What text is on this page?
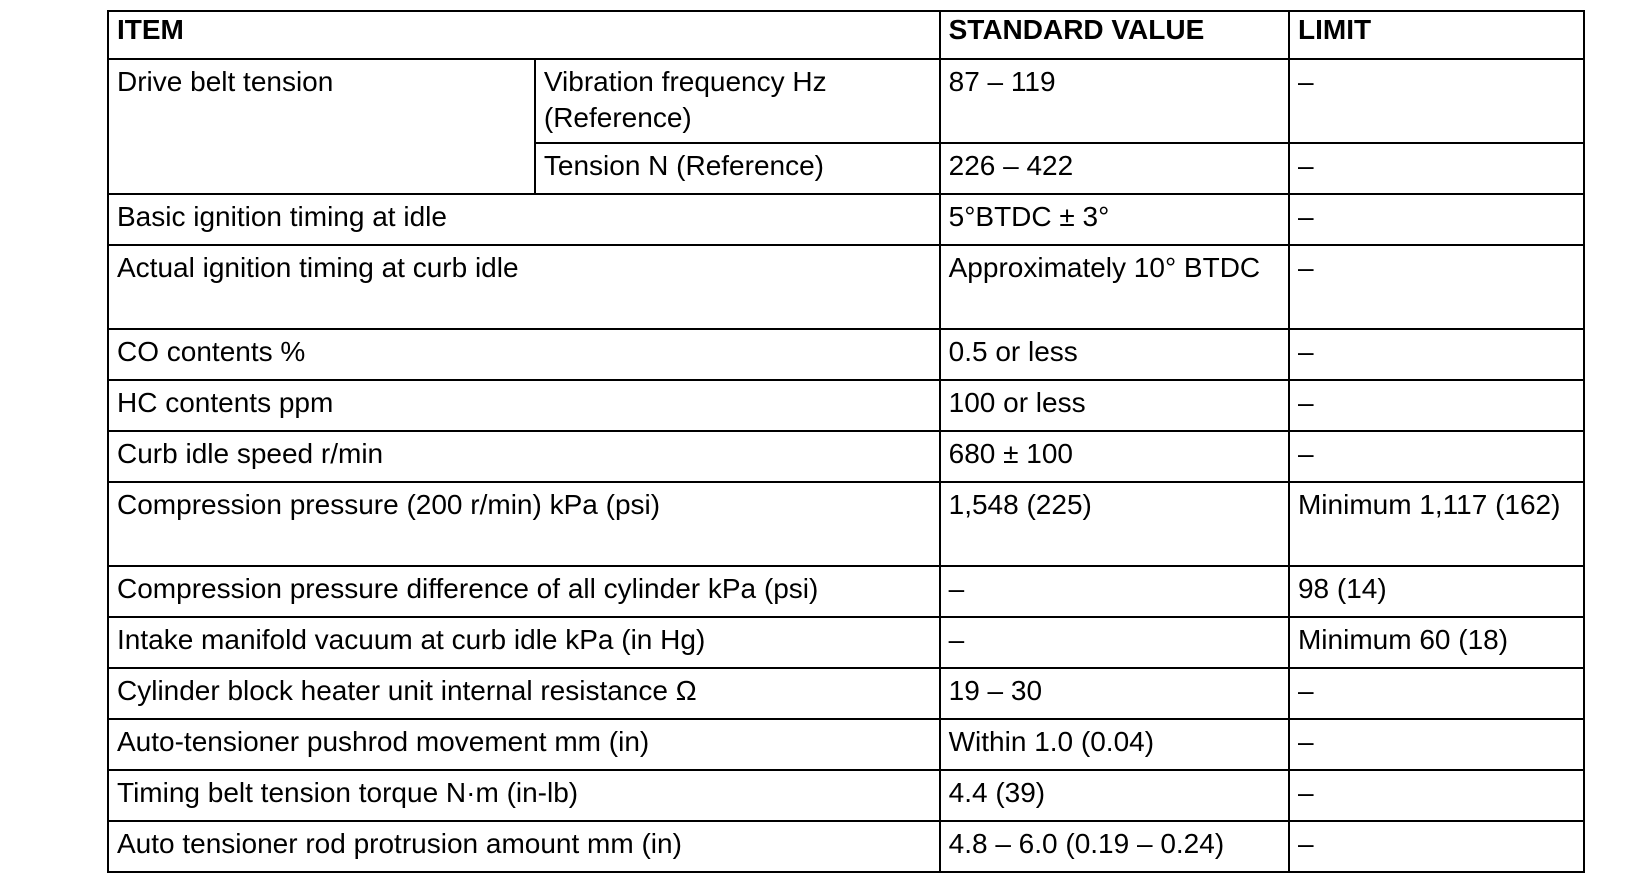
ITEM		STANDARD VALUE	LIMIT
Drive belt tension	Vibration frequency Hz (Reference)	87 – 119	–
	Tension N (Reference)	226 – 422	–
Basic ignition timing at idle		5°BTDC ± 3°	–
Actual ignition timing at curb idle		Approximately 10° BTDC	–
CO contents %		0.5 or less	–
HC contents ppm		100 or less	–
Curb idle speed r/min		680 ± 100	–
Compression pressure (200 r/min) kPa (psi)		1,548 (225)	Minimum 1,117 (162)
Compression pressure difference of all cylinder kPa (psi)		–	98 (14)
Intake manifold vacuum at curb idle kPa (in Hg)		–	Minimum 60 (18)
Cylinder block heater unit internal resistance Ω		19 – 30	–
Auto-tensioner pushrod movement mm (in)		Within 1.0 (0.04)	–
Timing belt tension torque N·m (in-lb)		4.4 (39)	–
Auto tensioner rod protrusion amount mm (in)		4.8 – 6.0 (0.19 – 0.24)	–
